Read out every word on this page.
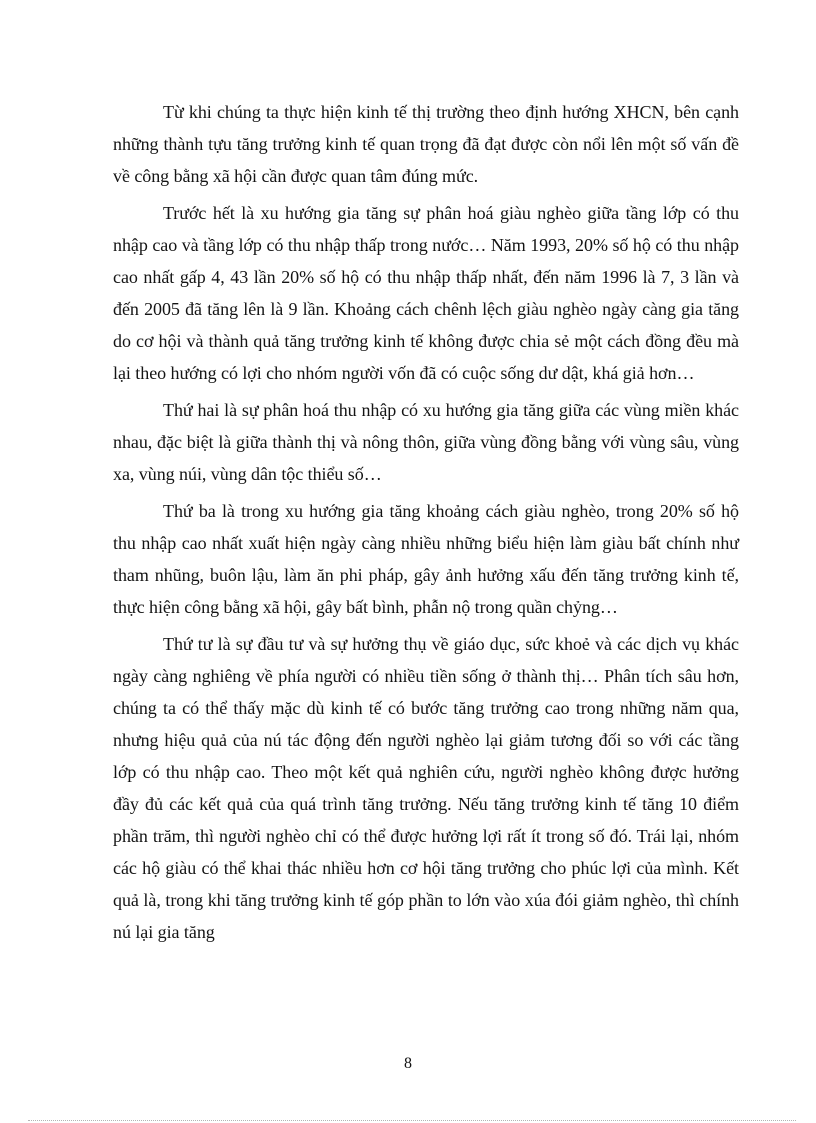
Từ khi chúng ta thực hiện kinh tế thị trường theo định hướng XHCN, bên cạnh những thành tựu tăng trưởng kinh tế quan trọng đã đạt được còn nổi lên một số vấn đề về công bằng xã hội cần được quan tâm đúng mức.

Trước hết là xu hướng gia tăng sự phân hoá giàu nghèo giữa tầng lớp có thu nhập cao và tầng lớp có thu nhập thấp trong nước… Năm 1993, 20% số hộ có thu nhập cao nhất gấp 4, 43 lần 20% số hộ có thu nhập thấp nhất, đến năm 1996 là 7, 3 lần và đến 2005 đã tăng lên là 9 lần. Khoảng cách chênh lệch giàu nghèo ngày càng gia tăng do cơ hội và thành quả tăng trưởng kinh tế không được chia sẻ một cách đồng đều mà lại theo hướng có lợi cho nhóm người vốn đã có cuộc sống dư dật, khá giả hơn…

Thứ hai là sự phân hoá thu nhập có xu hướng gia tăng giữa các vùng miền khác nhau, đặc biệt là giữa thành thị và nông thôn, giữa vùng đồng bằng với vùng sâu, vùng xa, vùng núi, vùng dân tộc thiểu số…

Thứ ba là trong xu hướng gia tăng khoảng cách giàu nghèo, trong 20% số hộ thu nhập cao nhất xuất hiện ngày càng nhiều những biểu hiện làm giàu bất chính như tham nhũng, buôn lậu, làm ăn phi pháp, gây ảnh hưởng xấu đến tăng trưởng kinh tế, thực hiện công bằng xã hội, gây bất bình, phẫn nộ trong quần chỷng…

Thứ tư là sự đầu tư và sự hưởng thụ về giáo dục, sức khoẻ và các dịch vụ khác ngày càng nghiêng về phía người có nhiều tiền sống ở thành thị… Phân tích sâu hơn, chúng ta có thể thấy mặc dù kinh tế có bước tăng trưởng cao trong những năm qua, nhưng hiệu quả của nú tác động đến người nghèo lại giảm tương đối so với các tầng lớp có thu nhập cao. Theo một kết quả nghiên cứu, người nghèo không được hưởng đầy đủ các kết quả của quá trình tăng trưởng. Nếu tăng trưởng kinh tế tăng 10 điểm phần trăm, thì người nghèo chỉ có thể được hưởng lợi rất ít trong số đó. Trái lại, nhóm các hộ giàu có thể khai thác nhiều hơn cơ hội tăng trưởng cho phúc lợi của mình. Kết quả là, trong khi tăng trưởng kinh tế góp phần to lớn vào xúa đói giảm nghèo, thì chính nú lại gia tăng

8
